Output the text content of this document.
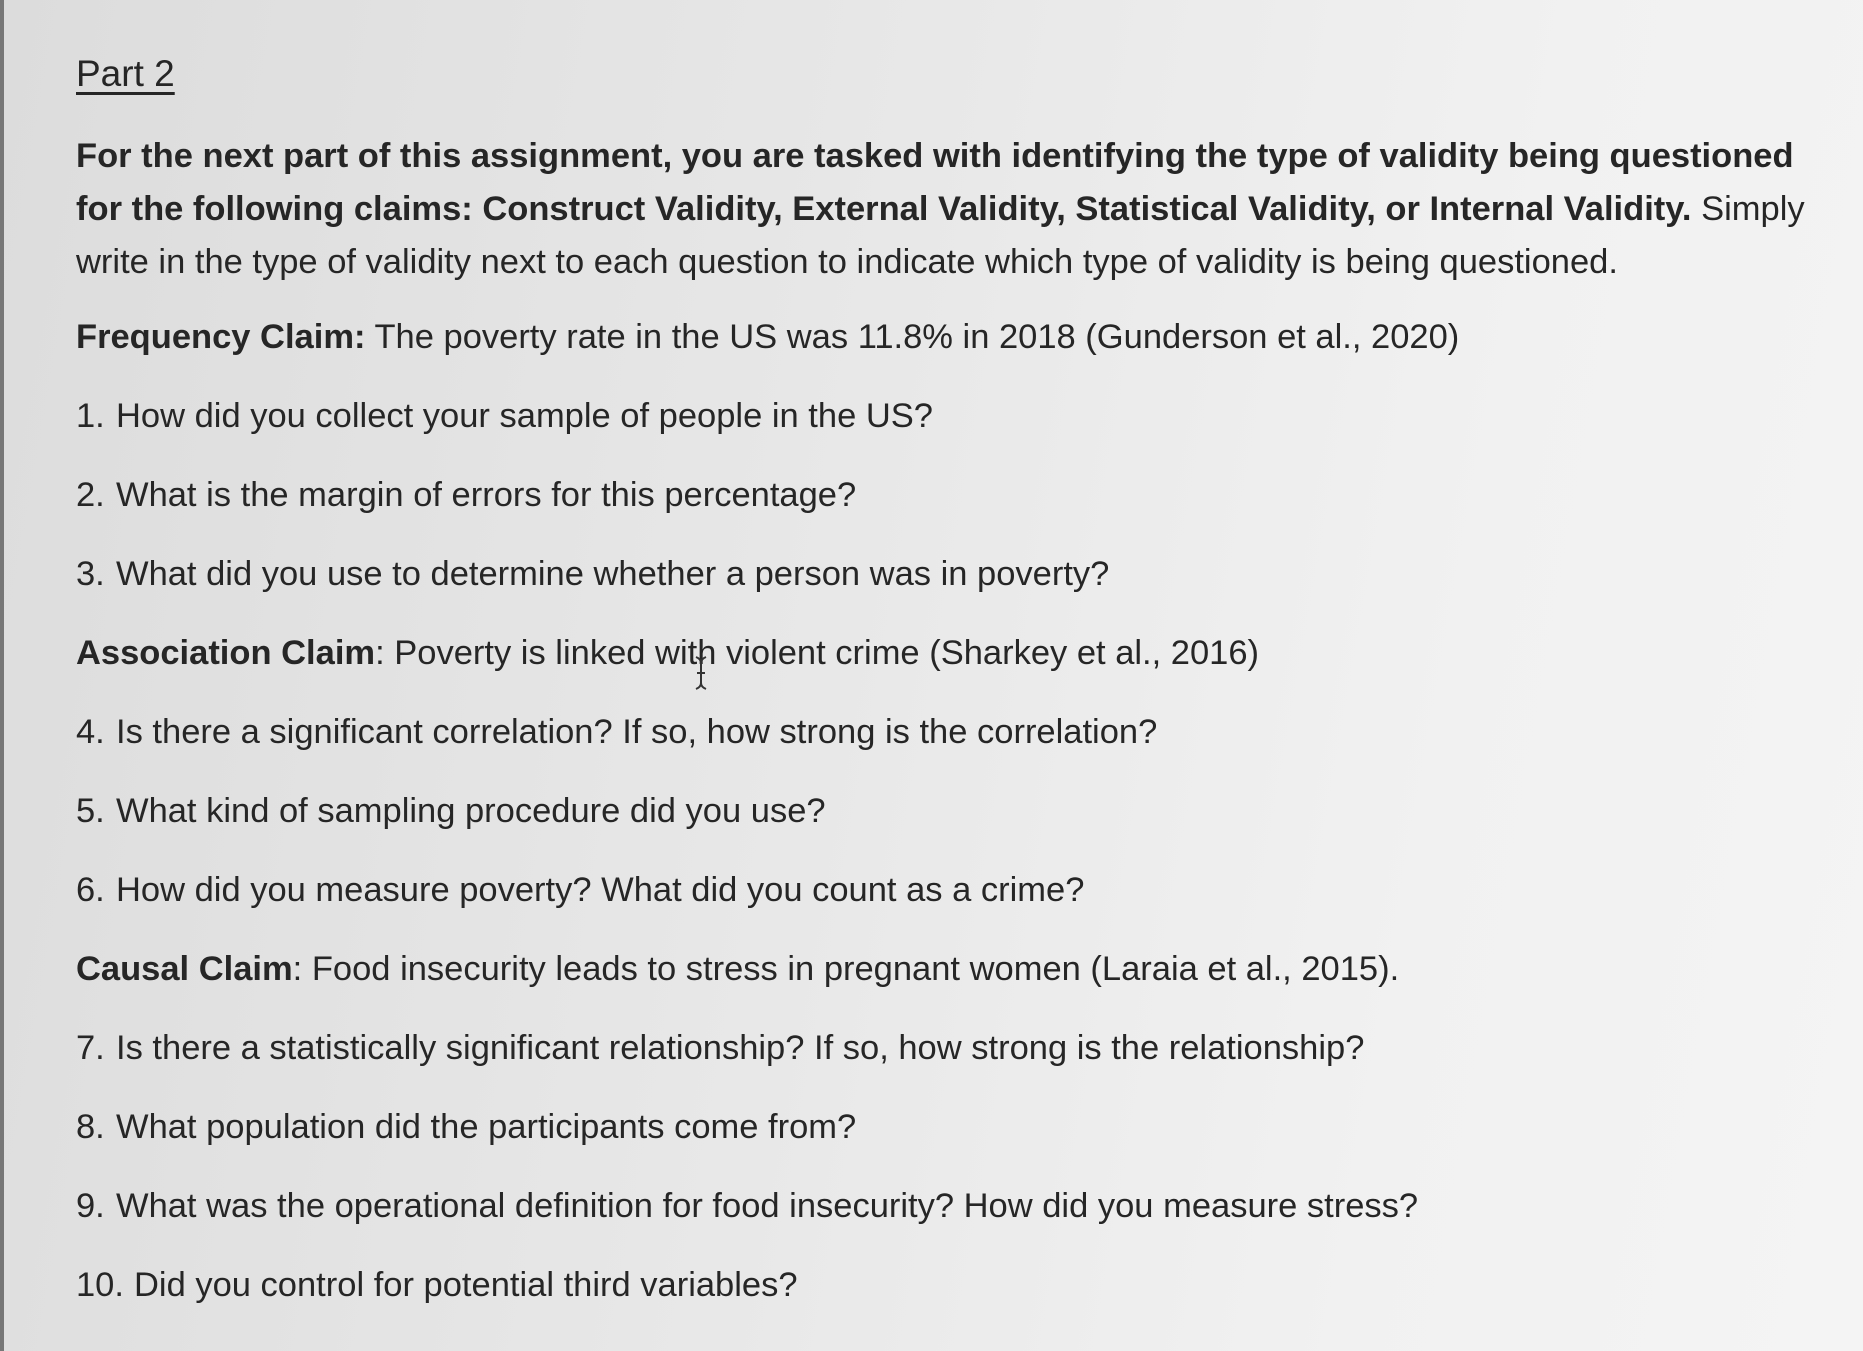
Part 2

For the next part of this assignment, you are tasked with identifying the type of validity being questioned for the following claims: Construct Validity, External Validity, Statistical Validity, or Internal Validity. Simply write in the type of validity next to each question to indicate which type of validity is being questioned.

Frequency Claim: The poverty rate in the US was 11.8% in 2018 (Gunderson et al., 2020)

1. How did you collect your sample of people in the US?
2. What is the margin of errors for this percentage?
3. What did you use to determine whether a person was in poverty?

Association Claim: Poverty is linked with violent crime (Sharkey et al., 2016)

4. Is there a significant correlation? If so, how strong is the correlation?
5. What kind of sampling procedure did you use?
6. How did you measure poverty? What did you count as a crime?

Causal Claim: Food insecurity leads to stress in pregnant women (Laraia et al., 2015).

7. Is there a statistically significant relationship? If so, how strong is the relationship?
8. What population did the participants come from?
9. What was the operational definition for food insecurity? How did you measure stress?
10. Did you control for potential third variables?
